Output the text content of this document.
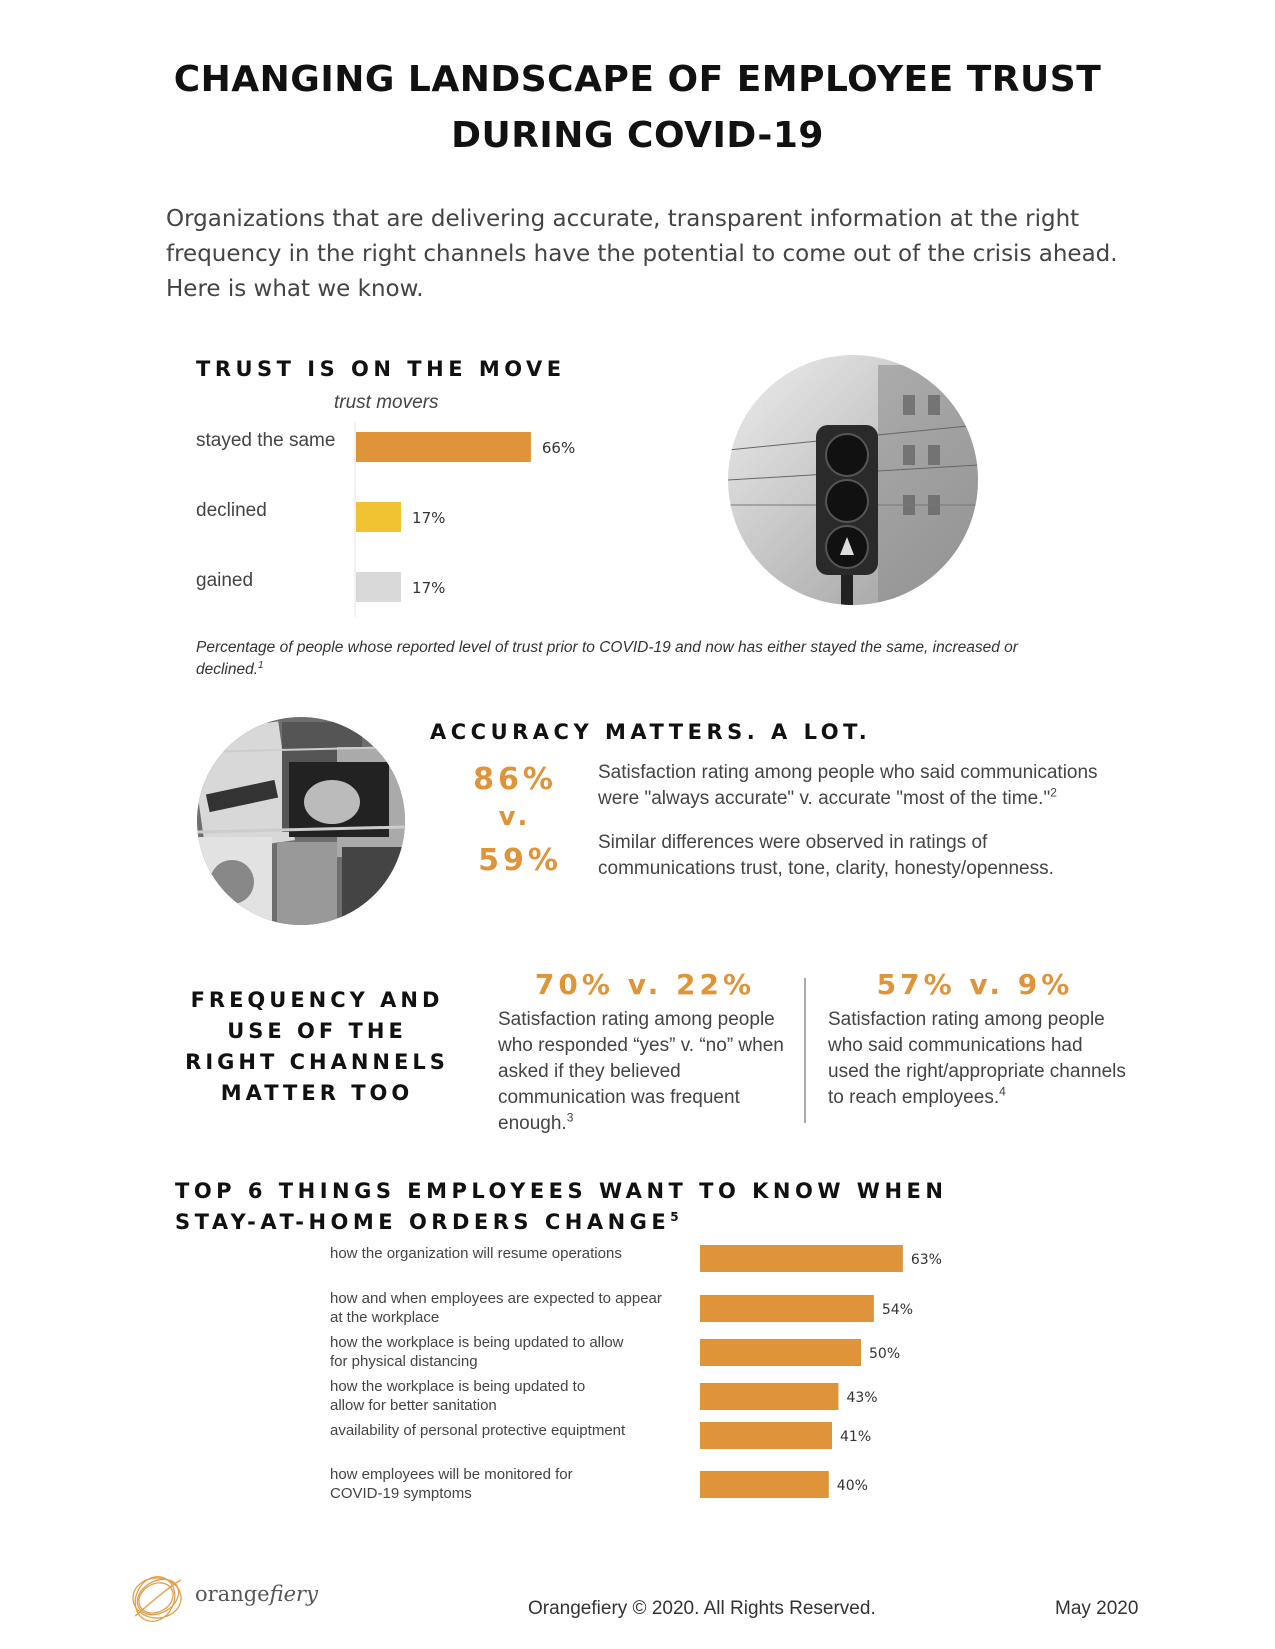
CHANGING LANDSCAPE OF EMPLOYEE TRUST
DURING COVID-19
Organizations that are delivering accurate, transparent information at the right frequency in the right channels have the potential to come out of the crisis ahead. Here is what we know.
TRUST IS ON THE MOVE
trust movers
stayed the same	66%
declined	17%
gained	17%
Percentage of people whose reported level of trust prior to COVID-19 and now has either stayed the same, increased or declined.$^1$
ACCURACY MATTERS. A LOT.
86%
v.
59%
Satisfaction rating among people who said communications were "always accurate" v. accurate "most of the time."$^2$
Similar differences were observed in ratings of communications trust, tone, clarity, honesty/openness.
FREQUENCY AND
USE OF THE
RIGHT CHANNELS
MATTER TOO
70% v. 22%
Satisfaction rating among people who responded “yes” v. “no” when asked if they believed communication was frequent enough.$^3$
57% v. 9%
Satisfaction rating among people who said communications had used the right/appropriate channels to reach employees.$^4$
TOP 6 THINGS EMPLOYEES WANT TO KNOW WHEN
STAY-AT-HOME ORDERS CHANGE$^5$
how the organization will resume operations	63%
how and when employees are expected to appear
at the workplace	54%
how the workplace is being updated to allow
for physical distancing	50%
how the workplace is being updated to
allow for better sanitation	43%
availability of personal protective equiptment	41%
how employees will be monitored for
COVID-19 symptoms	40%
orangefiery
Orangefiery © 2020. All Rights Reserved.	May 2020
